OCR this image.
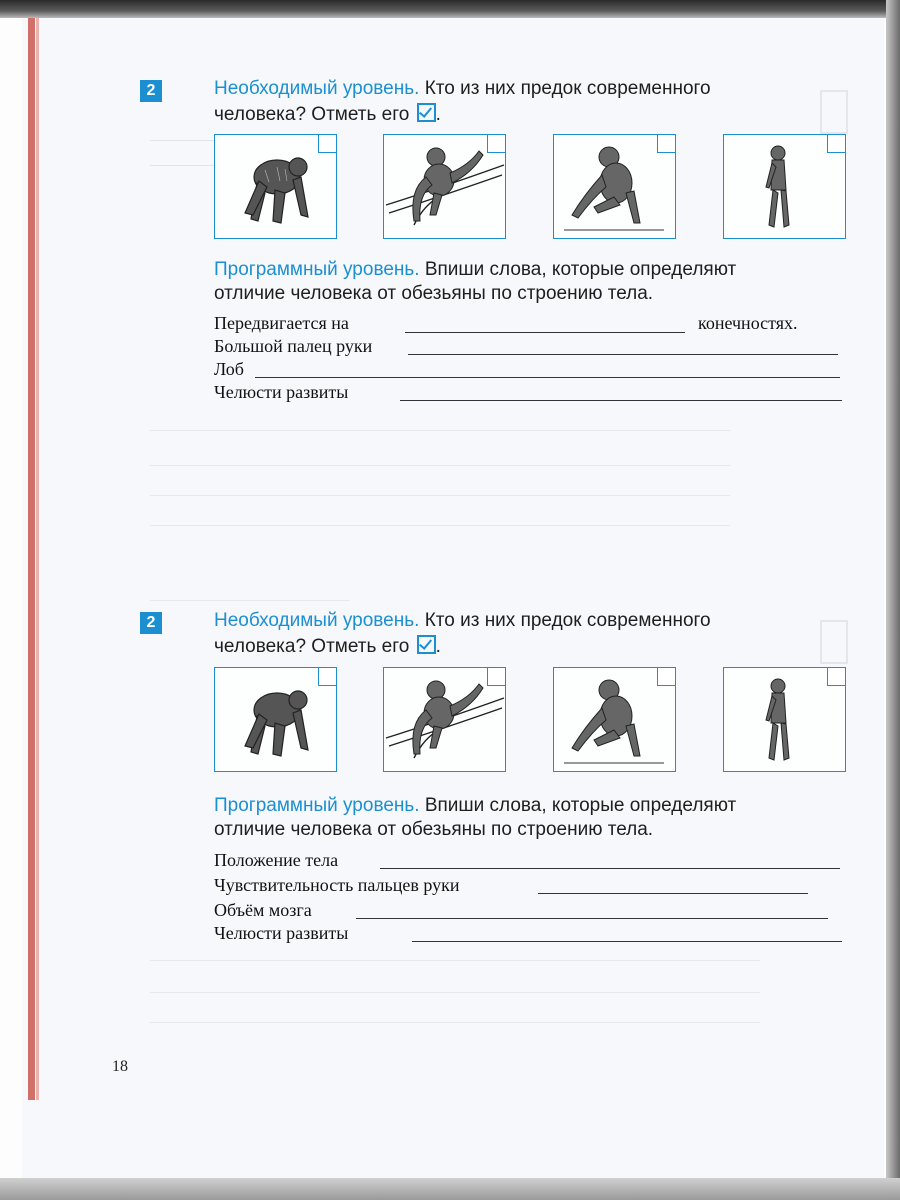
2	Необходимый уровень. Кто из них предок современного
человека? Отметь его .
Программный уровень. Впиши слова, которые определяют
отличие человека от обезьяны по строению тела.
Передвигается на	конечностях.
Большой палец руки
Лоб
Челюсти развиты
2	Необходимый уровень. Кто из них предок современного
человека? Отметь его .
Программный уровень. Впиши слова, которые определяют
отличие человека от обезьяны по строению тела.
Положение тела
Чувствительность пальцев руки
Объём мозга
Челюсти развиты
18
